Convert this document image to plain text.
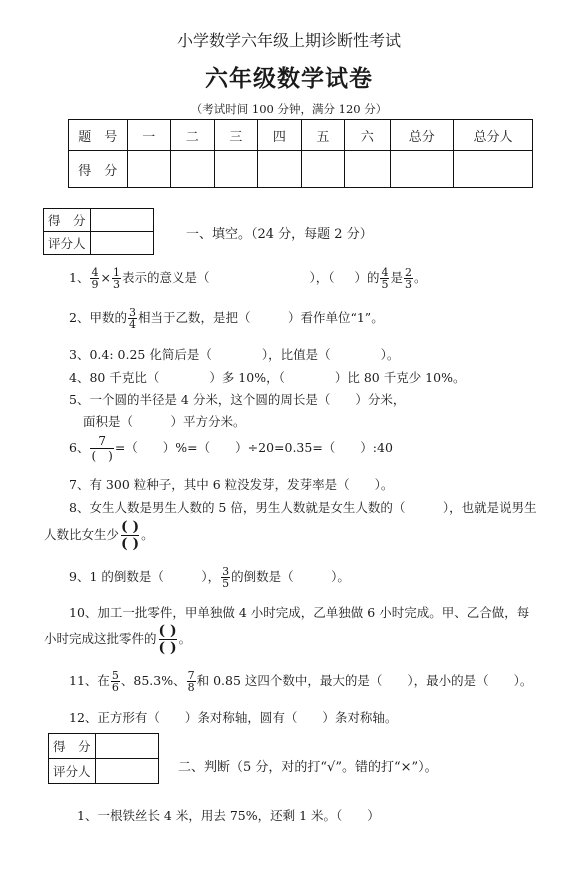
小学数学六年级上期诊断性考试
六年级数学试卷
（考试时间 100 分钟，满分 120 分）
题　号	一	二	三	四	五	六	总分	总分人
得　分								
得　分	
评分人	
一、填空。（24 分，每题 2 分）
1、 $\frac{4}{9} \times \frac{1}{3}$ 表示的意义是（	），（ ）的 $\frac{4}{5}$ 是 $\frac{2}{3}$ 。
2、甲数的 $\frac{3}{4}$ 相当于乙数，是把（　　　）看作单位“1”。
3、0.4: 0.25 化简后是（　　　　），比值是（　　　　）。
4、80 千克比（　　　　）多 10%，（　　　　）比 80 千克少 10%。
5、一个圆的半径是 4 分米，这个圆的周长是（　　）分米，
面积是（　　　）平方分米。
6、 $\frac{7}{( )}$ =（　　）%=（　　）÷20=0.35=（　　）:40
7、有 300 粒种子，其中 6 粒没发芽，发芽率是（　　）。
8、女生人数是男生人数的 5 倍，男生人数就是女生人数的（　　　），也就是说男生
人数比女生少 ( )
( )
。
9、1 的倒数是（　　　）， $\frac{3}{5}$ 的倒数是（　　　）。
10、加工一批零件，甲单独做 4 小时完成，乙单独做 6 小时完成。甲、乙合做，每
小时完成这批零件的 ( )
( )
。
11、在 $\frac{5}{6}$ 、85.3%、 $\frac{7}{8}$ 和 0.85 这四个数中，最大的是（　　），最小的是（　　）。
12、正方形有（　　）条对称轴，圆有（　　）条对称轴。
得　分	
评分人		二、判断（5 分，对的打“√”。错的打“×”）。
1、一根铁丝长 4 米，用去 75%，还剩 1 米。（　　）
